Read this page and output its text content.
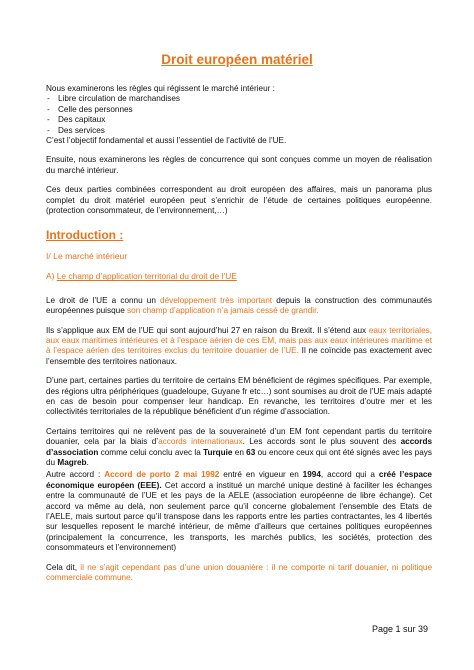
Droit européen matériel
Nous examinerons les règles qui régissent le marché intérieur :
- Libre circulation de marchandises
- Celle des personnes
- Des capitaux
- Des services
C’est l’objectif fondamental et aussi l’essentiel de l’activité de l’UE.

Ensuite, nous examinerons les règles de concurrence qui sont conçues comme un moyen de réalisation du marché intérieur.

Ces deux parties combinées correspondent au droit européen des affaires, mais un panorama plus complet du droit matériel européen peut s’enrichir de l’étude de certaines politiques européenne. (protection consommateur, de l’environnement,…)

Introduction :
I/ Le marché intérieur
A) Le champ d’application territorial du droit de l’UE

Le droit de l’UE a connu un développement très important depuis la construction des communautés européennes puisque son champ d’application n’a jamais cessé de grandir.

Ils s’applique aux EM de l’UE qui sont aujourd’hui 27 en raison du Brexit. Il s’étend aux eaux territoriales, aux eaux maritimes intérieures et à l’espace aérien de ces EM, mais pas aux eaux intérieures maritime et à l’espace aérien des territoires exclus du territoire douanier de l’UE. Il ne coïncide pas exactement avec l’ensemble des territoires nationaux.

D’une part, certaines parties du territoire de certains EM bénéficient de régimes spécifiques. Par exemple, des régions ultra périphériques (guadeloupe, Guyane fr etc…) sont soumises au droit de l’UE mais adapté en cas de besoin pour compenser leur handicap. En revanche, les territoires d’outre mer et les collectivités territoriales de la république bénéficient d’un régime d’association.

Certains territoires qui ne relèvent pas de la souveraineté d’un EM font cependant partis du territoire douanier, cela par la biais d’accords internationaux. Les accords sont le plus souvent des accords d’association comme celui conclu avec la Turquie en 63 ou encore ceux qui ont été signés avec les pays du Magreb.

Autre accord : Accord de porto 2 mai 1992 entré en vigueur en 1994, accord qui a créé l’espace économique européen (EEE). Cet accord a institué un marché unique destiné à faciliter les échanges entre la communauté de l’UE et les pays de la AELE (association européenne de libre échange). Cet accord va même au delà, non seulement parce qu’il concerne globalement l’ensemble des Etats de l’AELE, mais surtout parce qu’il transpose dans les rapports entre les parties contractantes, les 4 libertés sur lesquelles reposent le marché intérieur, de même d’ailleurs que certaines politiques européennes (principalement la concurrence, les transports, les marchés publics, les sociétés, protection des consommateurs et l’environnement)

Cela dit, il ne s’agit cependant pas d’une union douanière : il ne comporte ni tarif douanier, ni politique commerciale commune.

Page 1 sur 39
